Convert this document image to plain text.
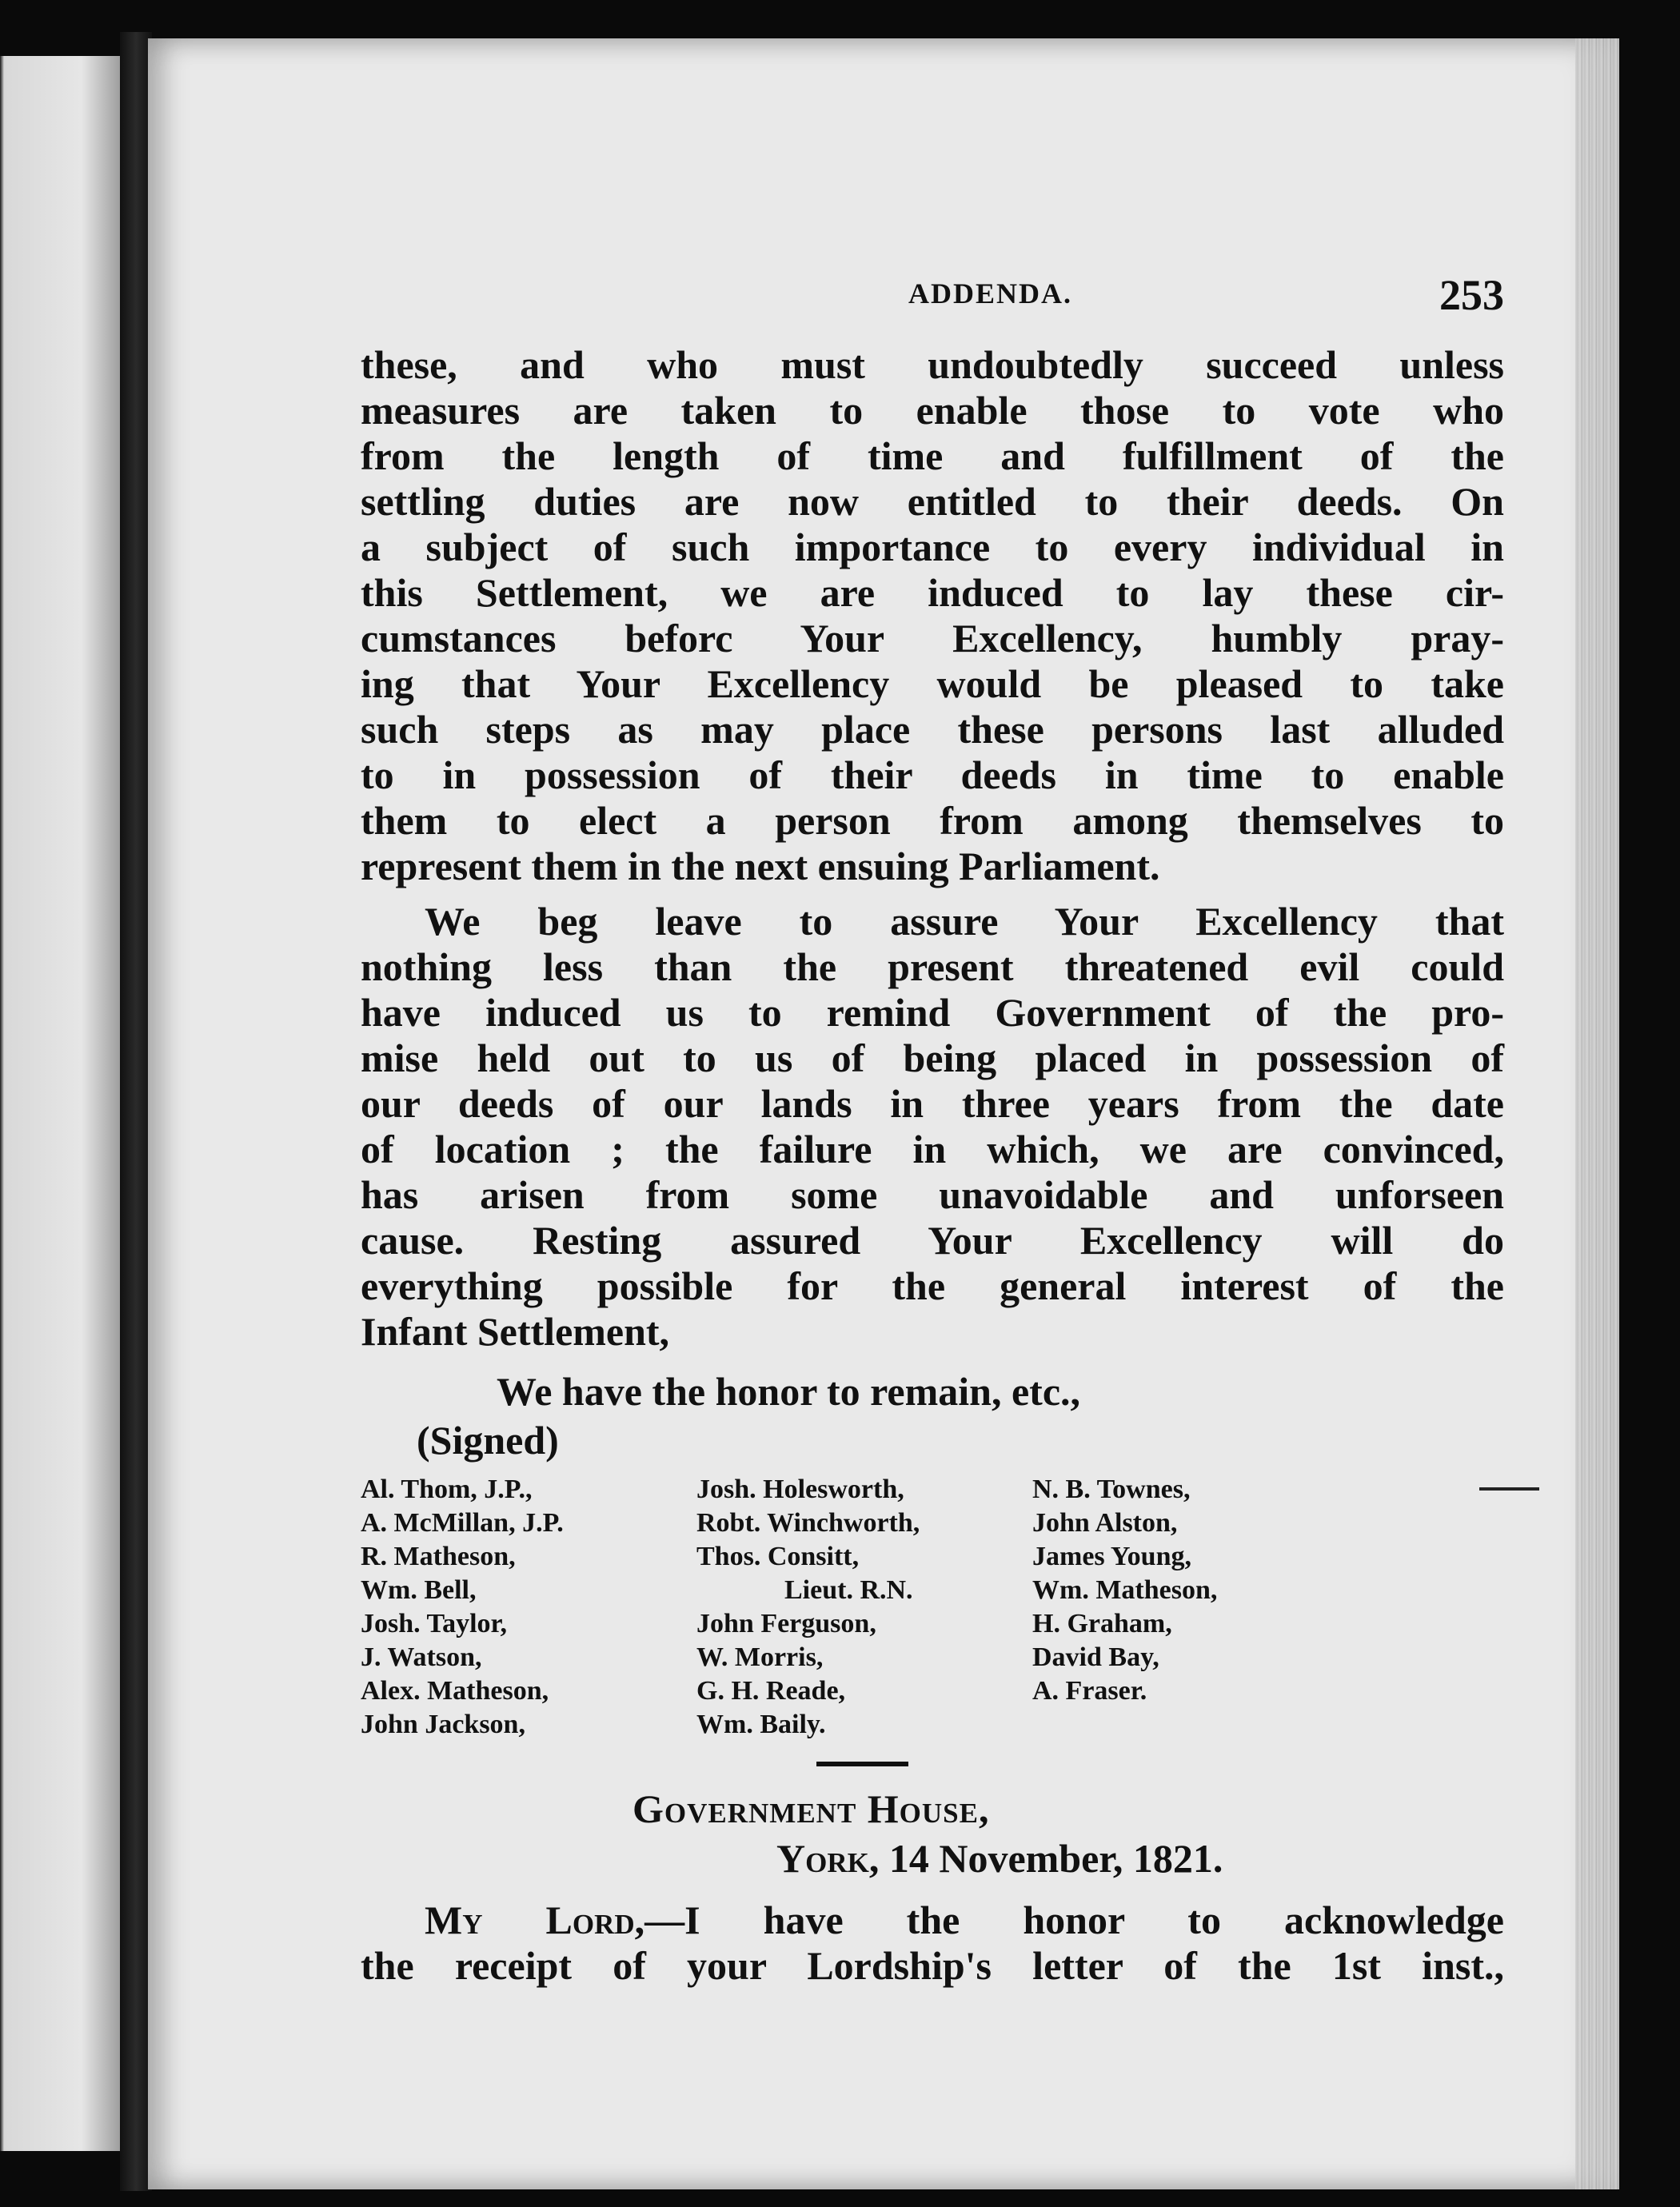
ADDENDA.	253

these, and who must undoubtedly succeed unless
measures are taken to enable those to vote who
from the length of time and fulfillment of the
settling duties are now entitled to their deeds. On
a subject of such importance to every individual in
this Settlement, we are induced to lay these cir-
cumstances beforc Your Excellency, humbly pray-
ing that Your Excellency would be pleased to take
such steps as may place these persons last alluded
to in possession of their deeds in time to enable
them to elect a person from among themselves to
represent them in the next ensuing Parliament.

We beg leave to assure Your Excellency that
nothing less than the present threatened evil could
have induced us to remind Government of the pro-
mise held out to us of being placed in possession of
our deeds of our lands in three years from the date
of location ; the failure in which, we are convinced,
has arisen from some unavoidable and unforseen
cause. Resting assured Your Excellency will do
everything possible for the general interest of the
Infant Settlement,

We have the honor to remain, etc.,
(Signed)
Al. Thom, J.P.,
A. McMillan, J.P.
R. Matheson,
Wm. Bell,
Josh. Taylor,
J. Watson,
Alex. Matheson,
John Jackson,
Josh. Holesworth,
Robt. Winchworth,
Thos. Consitt,
Lieut. R.N.
John Ferguson,
W. Morris,
G. H. Reade,
Wm. Baily.
N. B. Townes,
John Alston,
James Young,
Wm. Matheson,
H. Graham,
David Bay,
A. Fraser.
Government House,
York, 14 November, 1821.
My Lord,—I have the honor to acknowledge
the receipt of your Lordship's letter of the 1st inst.,
